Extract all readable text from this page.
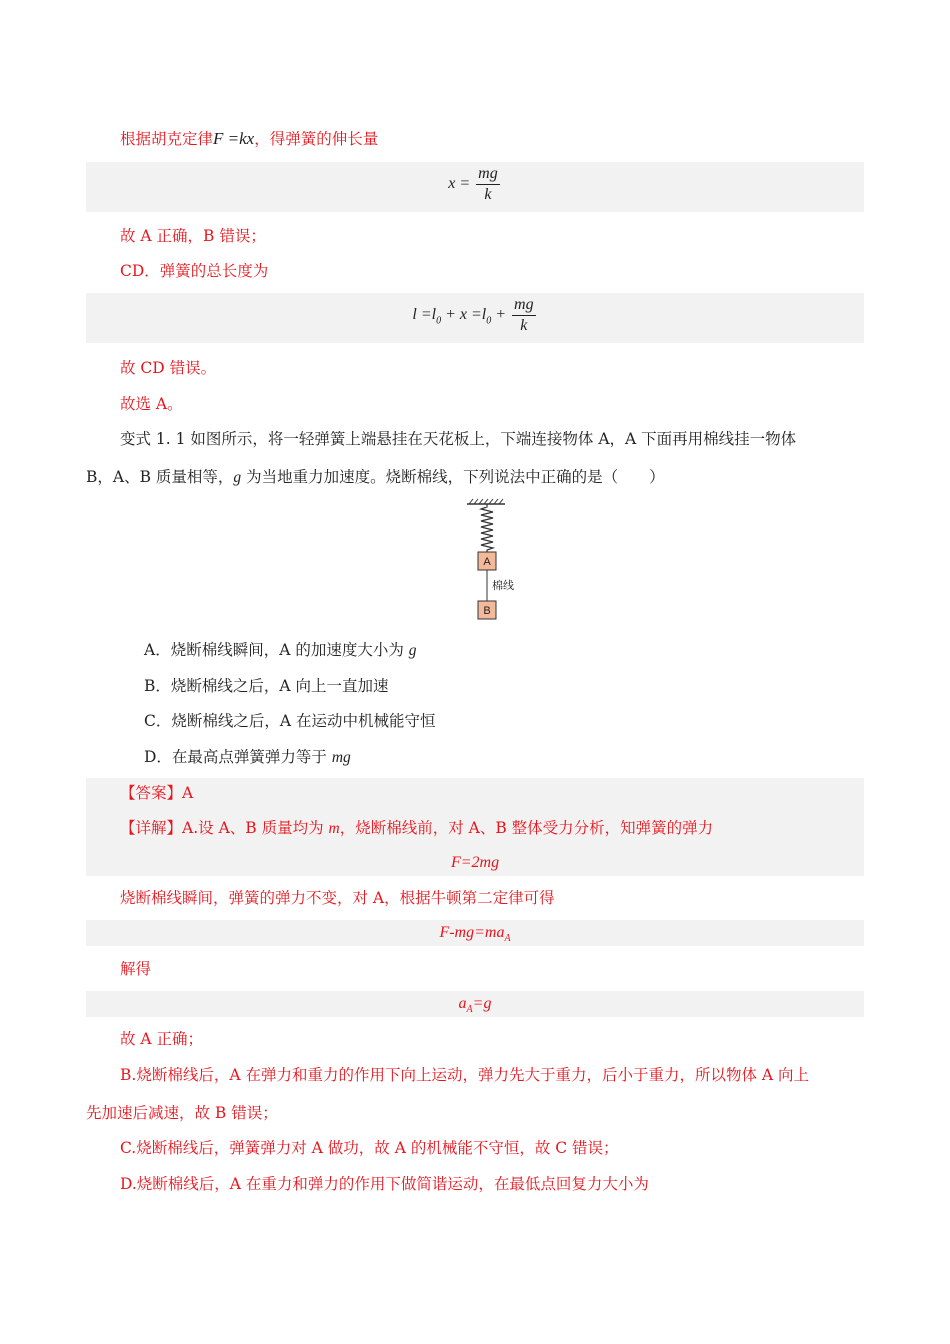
根据胡克定律F =kx，得弹簧的伸长量
$x = \frac{mg}{k}$
故 A 正确，B 错误；
CD．弹簧的总长度为
$l =l_0 + x =l_0 + \frac{mg}{k}$
故 CD 错误。
故选 A。
变式 1. 1 如图所示，将一轻弹簧上端悬挂在天花板上，下端连接物体 A，A 下面再用棉线挂一物体
B，A、B 质量相等，g 为当地重力加速度。烧断棉线，下列说法中正确的是（　　）
A
棉线
B
A．烧断棉线瞬间，A 的加速度大小为 g
B．烧断棉线之后，A 向上一直加速
C．烧断棉线之后，A 在运动中机械能守恒
D．在最高点弹簧弹力等于 mg
【答案】A
【详解】A.设 A、B 质量均为 m，烧断棉线前，对 A、B 整体受力分析，知弹簧的弹力
F=2mg
烧断棉线瞬间，弹簧的弹力不变，对 A，根据牛顿第二定律可得
$F-mg=ma_A$
解得
$a_A=g$
故 A 正确；
B.烧断棉线后，A 在弹力和重力的作用下向上运动，弹力先大于重力，后小于重力，所以物体 A 向上
先加速后减速，故 B 错误；
C.烧断棉线后，弹簧弹力对 A 做功，故 A 的机械能不守恒，故 C 错误；
D.烧断棉线后，A 在重力和弹力的作用下做简谐运动，在最低点回复力大小为
